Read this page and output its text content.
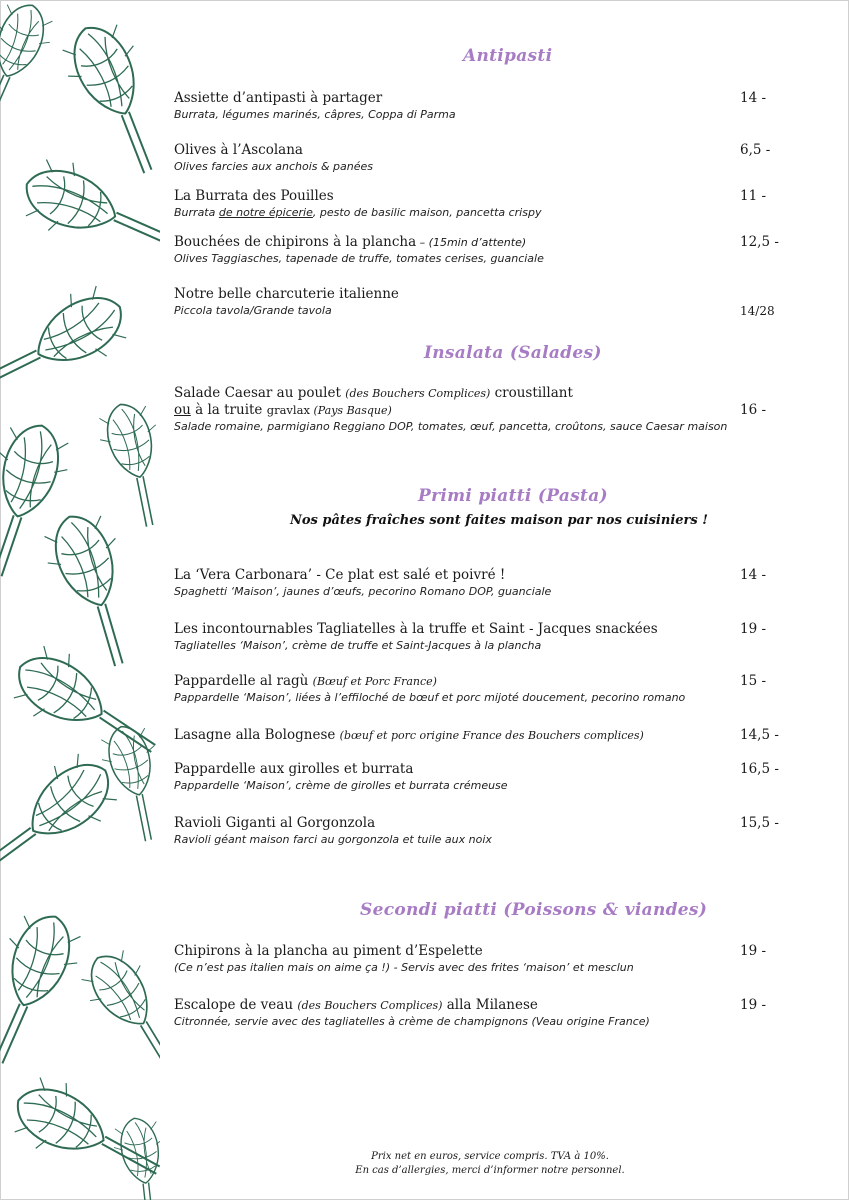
Antipasti
Assiette d’antipasti à partager
Burrata, légumes marinés, câpres, Coppa di Parma
14 -
Olives à l’Ascolana
Olives farcies aux anchois & panées
6,5 -
La Burrata des Pouilles
Burrata de notre épicerie, pesto de basilic maison, pancetta crispy
11 -
Bouchées de chipirons à la plancha – (15min d’attente)
Olives Taggiasches, tapenade de truffe, tomates cerises, guanciale
12,5 -
Notre belle charcuterie italienne
Piccola tavola/Grande tavola	14/28
Insalata (Salades)
Salade Caesar au poulet (des Bouchers Complices) croustillant
ou à la truite gravlax (Pays Basque)
Salade romaine, parmigiano Reggiano DOP, tomates, œuf, pancetta, croûtons, sauce Caesar maison
16 -
Primi piatti (Pasta)
Nos pâtes fraîches sont faites maison par nos cuisiniers !
La ‘Vera Carbonara’ - Ce plat est salé et poivré !
Spaghetti ‘Maison’, jaunes d’œufs, pecorino Romano DOP, guanciale
14 -
Les incontournables Tagliatelles à la truffe et Saint - Jacques snackées
Tagliatelles ‘Maison’, crème de truffe et Saint-Jacques à la plancha
19 -
Pappardelle al ragù (Bœuf et Porc France)
Pappardelle ‘Maison’, liées à l’effiloché de bœuf et porc mijoté doucement, pecorino romano
15 -
Lasagne alla Bolognese (bœuf et porc origine France des Bouchers complices)	14,5 -
Pappardelle aux girolles et burrata
Pappardelle ‘Maison’, crème de girolles et burrata crémeuse
16,5 -
Ravioli Giganti al Gorgonzola
Ravioli géant maison farci au gorgonzola et tuile aux noix
15,5 -
Secondi piatti (Poissons & viandes)
Chipirons à la plancha au piment d’Espelette
(Ce n’est pas italien mais on aime ça !) - Servis avec des frites ‘maison’ et mesclun
19 -
Escalope de veau (des Bouchers Complices) alla Milanese
Citronnée, servie avec des tagliatelles à crème de champignons (Veau origine France)
19 -
Prix net en euros, service compris. TVA à 10%.
En cas d’allergies, merci d’informer notre personnel.
